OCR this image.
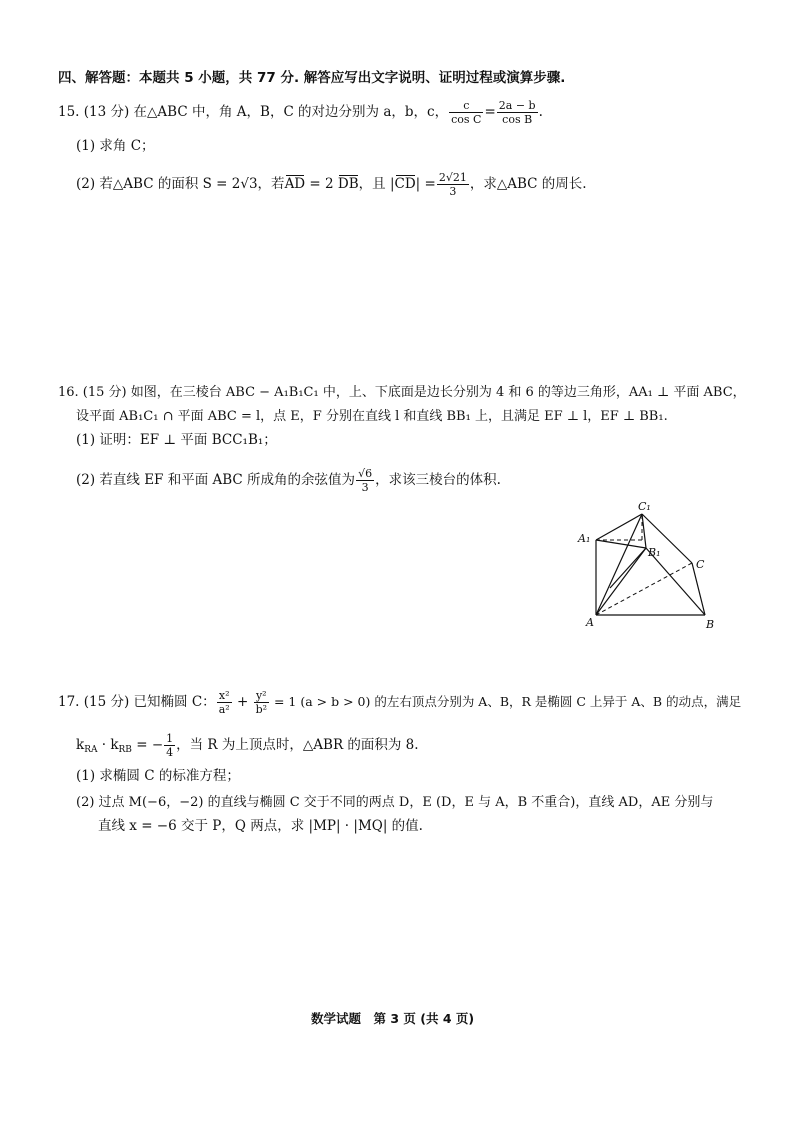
四、解答题：本题共 5 小题，共 77 分. 解答应写出文字说明、证明过程或演算步骤.
15. (13 分) 在△ABC 中，角 A，B，C 的对边分别为 a，b，c， $\frac{c}{\text{cos C}} = \frac{2a - b}{\text{cos B}}$ .
(1) 求角 C；
(2) 若△ABC 的面积 S = 2√3，若AD = 2 DB，且 $|CD| = \frac{2√21}{3}$ ，求△ABC 的周长.
16. (15 分) 如图，在三棱台 ABC − A₁B₁C₁ 中，上、下底面是边长分别为 4 和 6 的等边三角形，AA₁ ⊥ 平面 ABC，
设平面 AB₁C₁ ∩ 平面 ABC = l，点 E，F 分别在直线 l 和直线 BB₁ 上，且满足 EF ⊥ l，EF ⊥ BB₁.
(1) 证明：EF ⊥ 平面 BCC₁B₁；
(2) 若直线 EF 和平面 ABC 所成角的余弦值为 $\frac{√6}{3}$ ，求该三棱台的体积.
C₁
A₁
B₁
C
A	B
17. (15 分) 已知椭圆 C： $\frac{\text{x²}}{\text{a²}} + \frac{\text{y²}}{\text{b²}} = 1$ (a > b > 0) 的左右顶点分别为 A、B，R 是椭圆 C 上异于 A、B 的动点，满足
$k_{RA} \cdot k_{RB}$ = − $\frac{1}{4}$ ，当 R 为上顶点时，△ABR 的面积为 8.
(1) 求椭圆 C 的标准方程；
(2) 过点 M(−6，−2) 的直线与椭圆 C 交于不同的两点 D，E (D，E 与 A，B 不重合)，直线 AD，AE 分别与
直线 x = −6 交于 P，Q 两点，求 |MP| · |MQ| 的值.
数学试题　第 3 页 (共 4 页)
